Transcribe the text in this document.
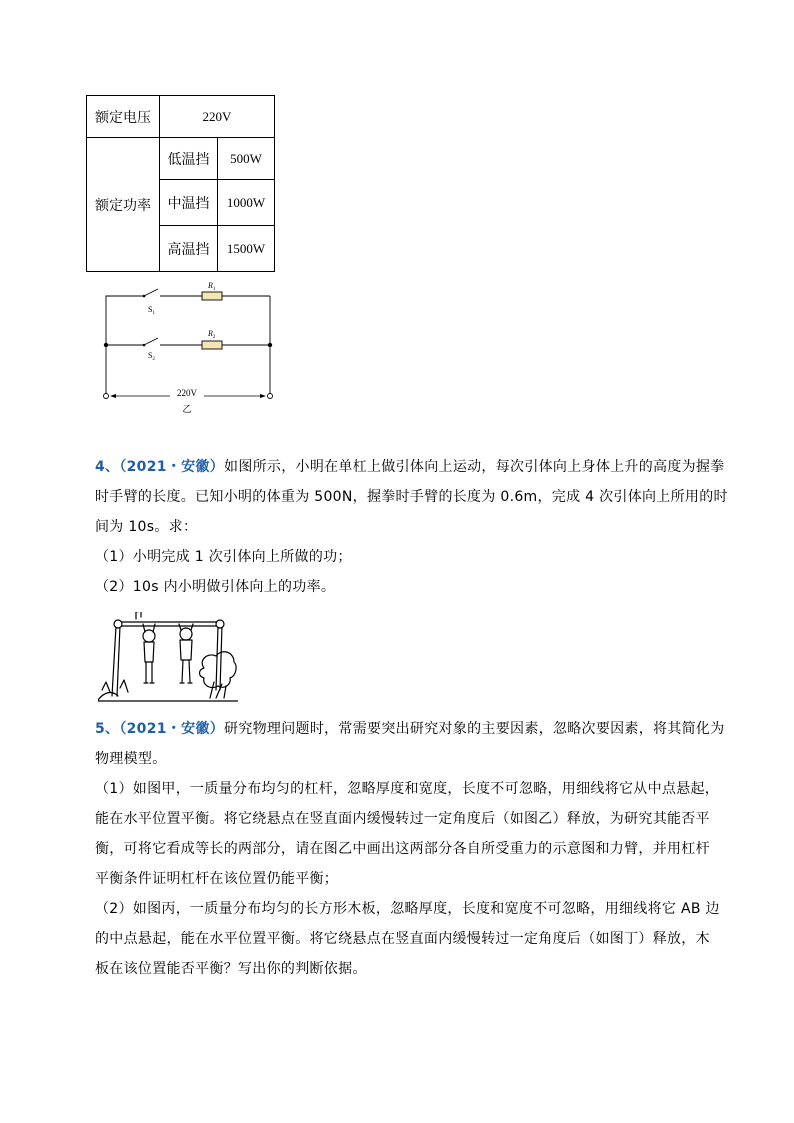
额定电压	220V	
额定功率	低温挡	500W
	中温挡	1000W
	高温挡	1500W
$S_1$
$R_1$
$S_2$
$R_2$
220V
乙
4、（2021・安徽）如图所示，小明在单杠上做引体向上运动，每次引体向上身体上升的高度为握拳
时手臂的长度。已知小明的体重为 500N，握拳时手臂的长度为 0.6m，完成 4 次引体向上所用的时
间为 10s。求：
（1）小明完成 1 次引体向上所做的功；
（2）10s 内小明做引体向上的功率。
5、（2021・安徽）研究物理问题时，常需要突出研究对象的主要因素，忽略次要因素，将其简化为
物理模型。
（1）如图甲，一质量分布均匀的杠杆，忽略厚度和宽度，长度不可忽略，用细线将它从中点悬起，
能在水平位置平衡。将它绕悬点在竖直面内缓慢转过一定角度后（如图乙）释放，为研究其能否平
衡，可将它看成等长的两部分，请在图乙中画出这两部分各自所受重力的示意图和力臂，并用杠杆
平衡条件证明杠杆在该位置仍能平衡；
（2）如图丙，一质量分布均匀的长方形木板，忽略厚度，长度和宽度不可忽略，用细线将它 AB 边
的中点悬起，能在水平位置平衡。将它绕悬点在竖直面内缓慢转过一定角度后（如图丁）释放，木
板在该位置能否平衡？写出你的判断依据。
